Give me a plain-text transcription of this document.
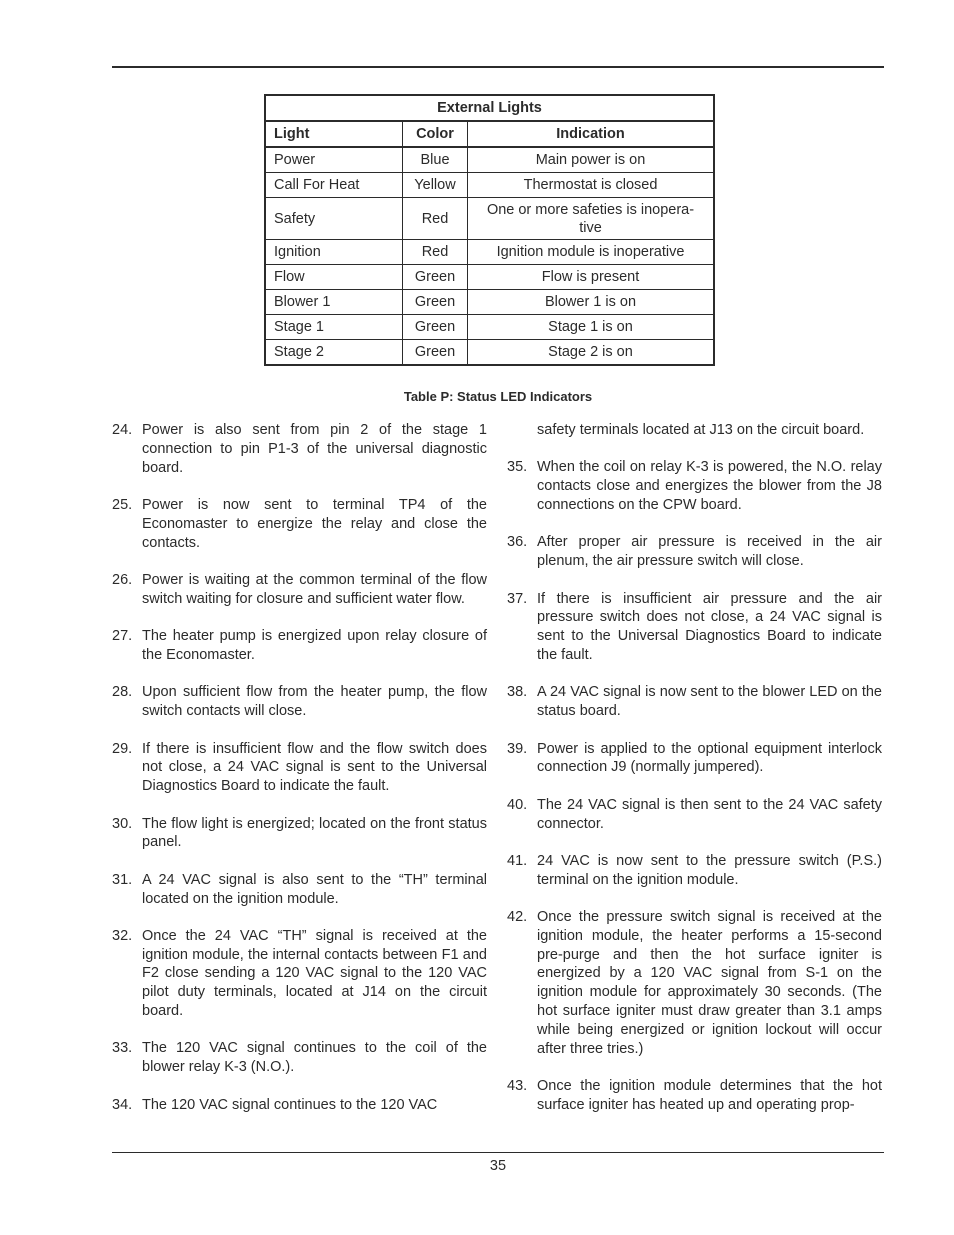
External Lights		
Light	Color	Indication
Power	Blue	Main power is on
Call For Heat	Yellow	Thermostat is closed
Safety	Red	One or more safeties is inopera-
tive
Ignition	Red	Ignition module is inoperative
Flow	Green	Flow is present
Blower 1	Green	Blower 1 is on
Stage 1	Green	Stage 1 is on
Stage 2	Green	Stage 2 is on
Table P: Status LED Indicators
24. Power is also sent from pin 2 of the stage 1 connection to pin P1-3 of the universal diagnostic board.
25. Power is now sent to terminal TP4 of the Economaster to energize the relay and close the contacts.
26. Power is waiting at the common terminal of the flow switch waiting for closure and sufficient water flow.
27. The heater pump is energized upon relay closure of the Economaster.
28. Upon sufficient flow from the heater pump, the flow switch contacts will close.
29. If there is insufficient flow and the flow switch does not close, a 24 VAC signal is sent to the Universal Diagnostics Board to indicate the fault.
30. The flow light is energized; located on the front status panel.
31. A 24 VAC signal is also sent to the “TH” terminal located on the ignition module.
32. Once the 24 VAC “TH” signal is received at the ignition module, the internal contacts between F1 and F2 close sending a 120 VAC signal to the 120 VAC pilot duty terminals, located at J14 on the circuit board.
33. The 120 VAC signal continues to the coil of the blower relay K-3 (N.O.).
34. The 120 VAC signal continues to the 120 VAC
safety terminals located at J13 on the circuit board.
35. When the coil on relay K-3 is powered, the N.O. relay contacts close and energizes the blower from the J8 connections on the CPW board.
36. After proper air pressure is received in the air plenum, the air pressure switch will close.
37. If there is insufficient air pressure and the air pressure switch does not close, a 24 VAC signal is sent to the Universal Diagnostics Board to indicate the fault.
38. A 24 VAC signal is now sent to the blower LED on the status board.
39. Power is applied to the optional equipment interlock connection J9 (normally jumpered).
40. The 24 VAC signal is then sent to the 24 VAC safety connector.
41. 24 VAC is now sent to the pressure switch (P.S.) terminal on the ignition module.
42. Once the pressure switch signal is received at the ignition module, the heater performs a 15-second pre-purge and then the hot surface igniter is energized by a 120 VAC signal from S-1 on the ignition module for approximately 30 seconds. (The hot surface igniter must draw greater than 3.1 amps while being energized or ignition lockout will occur after three tries.)
43. Once the ignition module determines that the hot surface igniter has heated up and operating prop-
35
